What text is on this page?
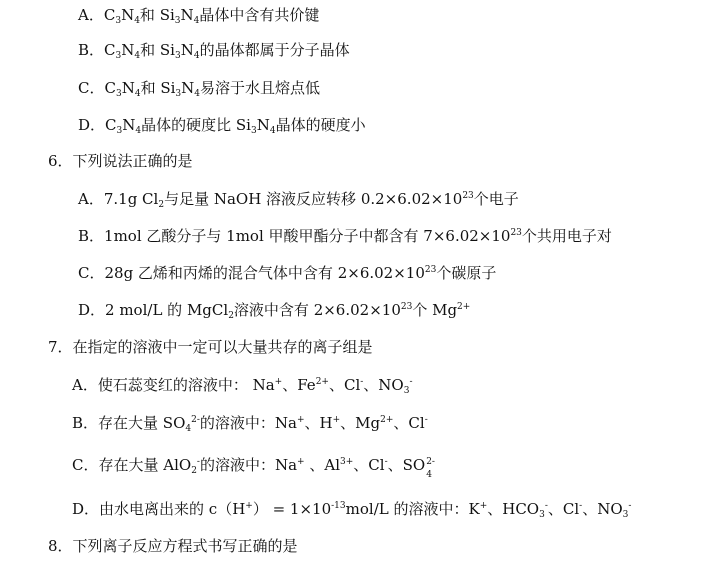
A．$C_3N_4$和 $Si_3N_4$晶体中含有共价键
B．$C_3N_4$和 $Si_3N_4$的晶体都属于分子晶体
C．$C_3N_4$和 $Si_3N_4$易溶于水且熔点低
D．$C_3N_4$晶体的硬度比 $Si_3N_4$晶体的硬度小
6．下列说法正确的是
A．7.1g $Cl_2$与足量 NaOH 溶液反应转移 $0.2\times 6.02\times 10^{23}$个电子
B．1mol 乙酸分子与 1mol 甲酸甲酯分子中都含有 $7\times 6.02\times 10^{23}$个共用电子对
C．28g 乙烯和丙烯的混合气体中含有 $2\times 6.02\times 10^{23}$个碳原子
D．2 mol/L 的 MgCl$_2$溶液中含有 $2\times 6.02\times 10^{23}$个 $Mg^{2+}$
7．在指定的溶液中一定可以大量共存的离子组是
A．使石蕊变红的溶液中： Na+、$Fe^{2+}$、Cl-、$NO_3^-$
B．存在大量 $SO_4^{2-}$的溶液中：Na+、H+、$Mg^{2+}$、Cl-
C．存在大量 AlO$_2$-的溶液中：Na+ 、$Al^{3+}$、Cl-、SO 2-
4
D．由水电离出来的 $c(H^+) = 1\times 10^{-13}mol/L$ 的溶液中：K+、$HCO_3^-$、Cl-、$NO_3^-$
8．下列离子反应方程式书写正确的是
